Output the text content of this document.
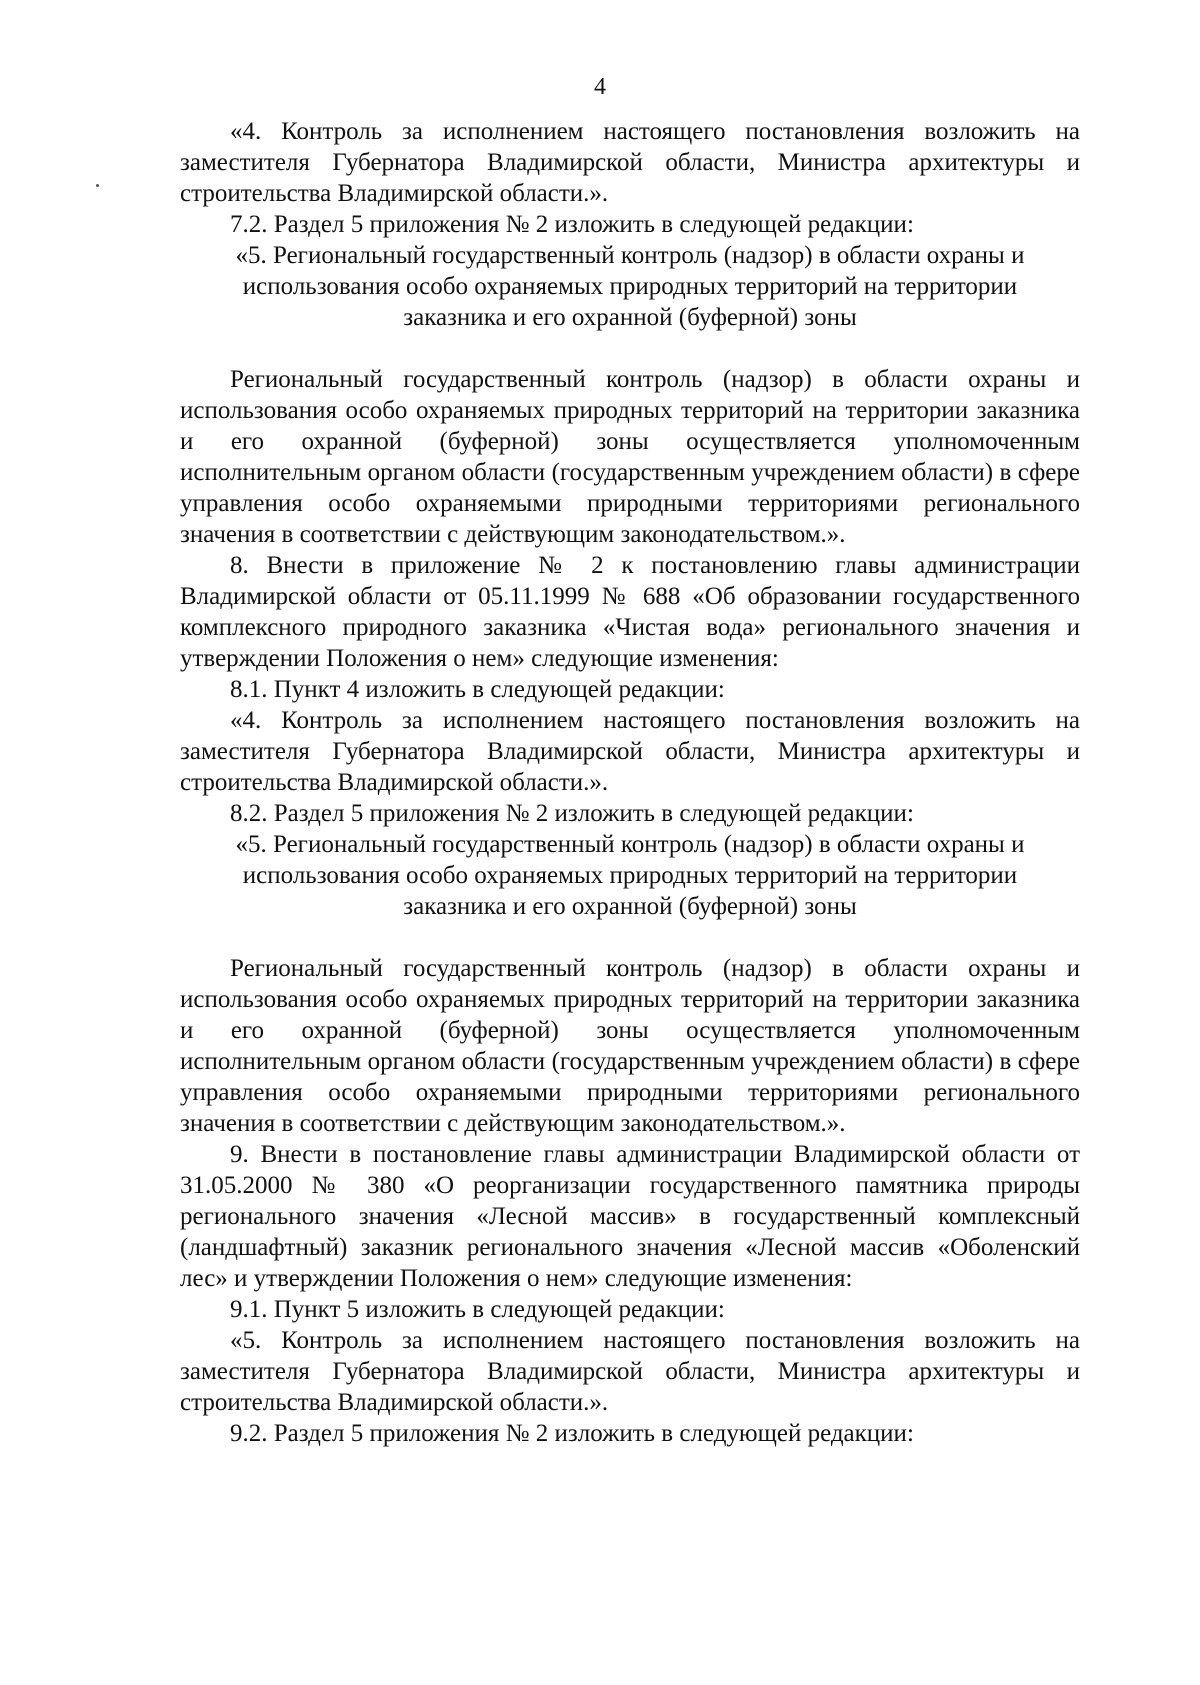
4

«4. Контроль за исполнением настоящего постановления возложить на заместителя Губернатора Владимирской области, Министра архитектуры и строительства Владимирской области.».

7.2. Раздел 5 приложения № 2 изложить в следующей редакции:

«5. Региональный государственный контроль (надзор) в области охраны и использования особо охраняемых природных территорий на территории заказника и его охранной (буферной) зоны

Региональный государственный контроль (надзор) в области охраны и использования особо охраняемых природных территорий на территории заказника и его охранной (буферной) зоны осуществляется уполномоченным исполнительным органом области (государственным учреждением области) в сфере управления особо охраняемыми природными территориями регионального значения в соответствии с действующим законодательством.».

8. Внести в приложение № 2 к постановлению главы администрации Владимирской области от 05.11.1999 № 688 «Об образовании государственного комплексного природного заказника «Чистая вода» регионального значения и утверждении Положения о нем» следующие изменения:

8.1. Пункт 4 изложить в следующей редакции:

«4. Контроль за исполнением настоящего постановления возложить на заместителя Губернатора Владимирской области, Министра архитектуры и строительства Владимирской области.».

8.2. Раздел 5 приложения № 2 изложить в следующей редакции:

«5. Региональный государственный контроль (надзор) в области охраны и использования особо охраняемых природных территорий на территории заказника и его охранной (буферной) зоны

Региональный государственный контроль (надзор) в области охраны и использования особо охраняемых природных территорий на территории заказника и его охранной (буферной) зоны осуществляется уполномоченным исполнительным органом области (государственным учреждением области) в сфере управления особо охраняемыми природными территориями регионального значения в соответствии с действующим законодательством.».

9. Внести в постановление главы администрации Владимирской области от 31.05.2000 № 380 «О реорганизации государственного памятника природы регионального значения «Лесной массив» в государственный комплексный (ландшафтный) заказник регионального значения «Лесной массив «Оболенский лес» и утверждении Положения о нем» следующие изменения:

9.1. Пункт 5 изложить в следующей редакции:

«5. Контроль за исполнением настоящего постановления возложить на заместителя Губернатора Владимирской области, Министра архитектуры и строительства Владимирской области.».

9.2. Раздел 5 приложения № 2 изложить в следующей редакции:
